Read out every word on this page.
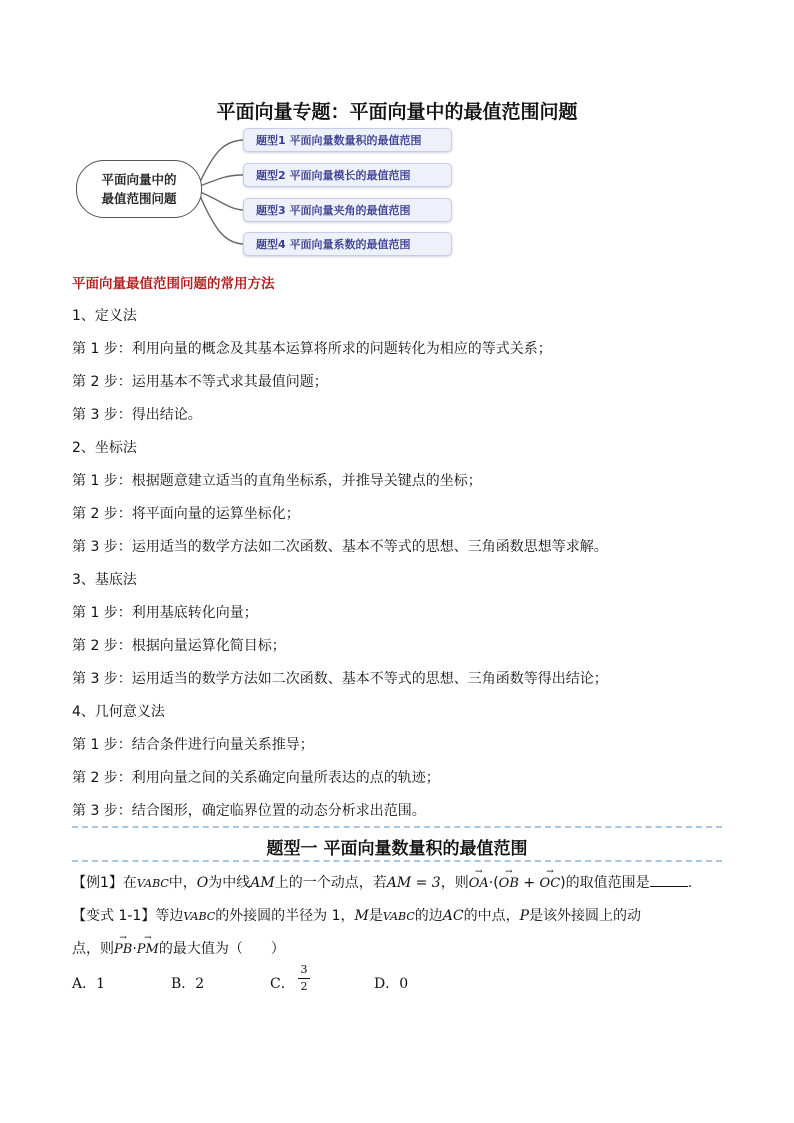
平面向量专题：平面向量中的最值范围问题
平面向量中的
最值范围问题
题型1 平面向量数量积的最值范围
题型2 平面向量模长的最值范围
题型3 平面向量夹角的最值范围
题型4 平面向量系数的最值范围
平面向量最值范围问题的常用方法
1、定义法
第 1 步：利用向量的概念及其基本运算将所求的问题转化为相应的等式关系；
第 2 步：运用基本不等式求其最值问题；
第 3 步：得出结论。
2、坐标法
第 1 步：根据题意建立适当的直角坐标系，并推导关键点的坐标；
第 2 步：将平面向量的运算坐标化；
第 3 步：运用适当的数学方法如二次函数、基本不等式的思想、三角函数思想等求解。
3、基底法
第 1 步：利用基底转化向量；
第 2 步：根据向量运算化简目标；
第 3 步：运用适当的数学方法如二次函数、基本不等式的思想、三角函数等得出结论；
4、几何意义法
第 1 步：结合条件进行向量关系推导；
第 2 步：利用向量之间的关系确定向量所表达的点的轨迹；
第 3 步：结合图形，确定临界位置的动态分析求出范围。
题型一 平面向量数量积的最值范围
【例1】在VABC中，O为中线AM上的一个动点，若AM = 3，则→ OA·(→ OB + → OC)的取值范围是	.
【变式 1-1】等边VABC的外接圆的半径为 1，M是VABC的边AC的中点，P是该外接圆上的动
点，则→ PB·→ PM的最大值为（　　）
A．1	B．2	C．
3
2	D．0
